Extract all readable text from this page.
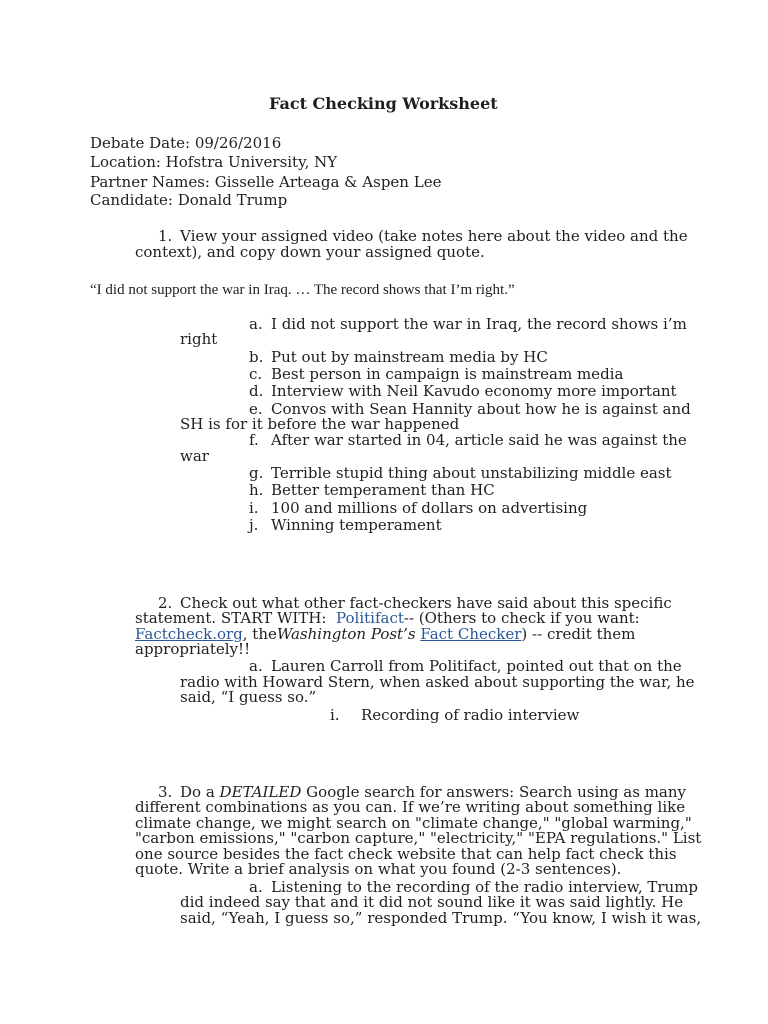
Fact Checking Worksheet
Debate Date: 09/26/2016
Location: Hofstra University, NY
Partner Names: Gisselle Arteaga & Aspen Lee
Candidate: Donald Trump
1. View your assigned video (take notes here about the video and the
context), and copy down your assigned quote.
“I did not support the war in Iraq. … The record shows that I’m right.”
a. I did not support the war in Iraq, the record shows i’m
right
b. Put out by mainstream media by HC
c. Best person in campaign is mainstream media
d. Interview with Neil Kavudo economy more important
e. Convos with Sean Hannity about how he is against and
SH is for it before the war happened
f. After war started in 04, article said he was against the
war
g. Terrible stupid thing about unstabilizing middle east
h. Better temperament than HC
i. 100 and millions of dollars on advertising
j. Winning temperament
2. Check out what other fact-checkers have said about this specific
statement. START WITH:  Politifact-- (Others to check if you want:
Factcheck.org, theWashington Post’s Fact Checker) -- credit them
appropriately!!
a. Lauren Carroll from Politifact, pointed out that on the
radio with Howard Stern, when asked about supporting the war, he
said, “I guess so.”
i. Recording of radio interview
3. Do a DETAILED Google search for answers: Search using as many
different combinations as you can. If we’re writing about something like
climate change, we might search on "climate change," "global warming,"
"carbon emissions," "carbon capture," "electricity," "EPA regulations." List
one source besides the fact check website that can help fact check this
quote. Write a brief analysis on what you found (2-3 sentences).
a. Listening to the recording of the radio interview, Trump
did indeed say that and it did not sound like it was said lightly. He
said, “Yeah, I guess so,” responded Trump. “You know, I wish it was,
